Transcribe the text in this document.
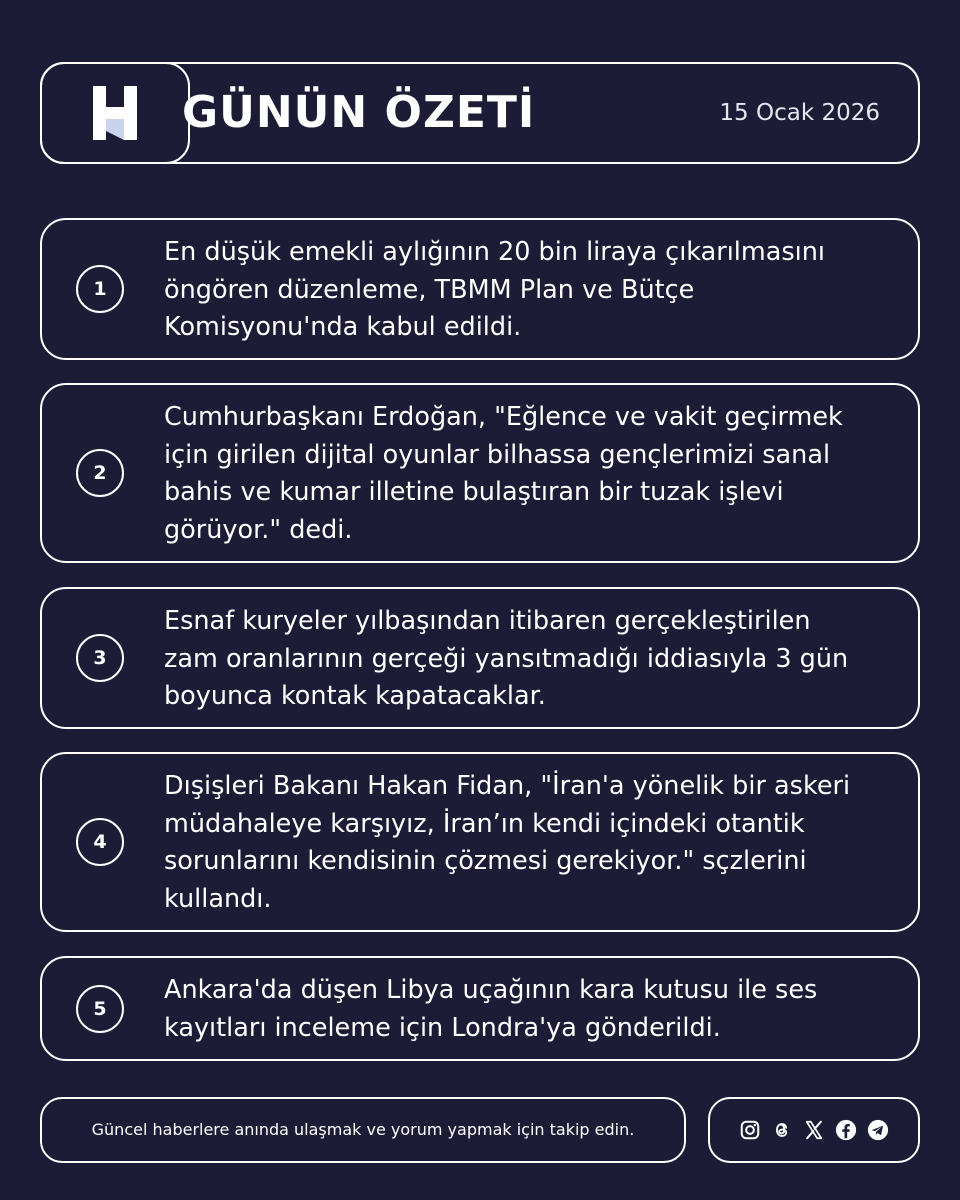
GÜNÜN ÖZETİ	15 Ocak 2026
1
En düşük emekli aylığının 20 bin liraya çıkarılmasını
öngören düzenleme, TBMM Plan ve Bütçe
Komisyonu'nda kabul edildi.
2
Cumhurbaşkanı Erdoğan, "Eğlence ve vakit geçirmek
için girilen dijital oyunlar bilhassa gençlerimizi sanal
bahis ve kumar illetine bulaştıran bir tuzak işlevi
görüyor." dedi.
3
Esnaf kuryeler yılbaşından itibaren gerçekleştirilen
zam oranlarının gerçeği yansıtmadığı iddiasıyla 3 gün
boyunca kontak kapatacaklar.
4
Dışişleri Bakanı Hakan Fidan, "İran'a yönelik bir askeri
müdahaleye karşıyız, İran’ın kendi içindeki otantik
sorunlarını kendisinin çözmesi gerekiyor." sçzlerini
kullandı.
5
Ankara'da düşen Libya uçağının kara kutusu ile ses
kayıtları inceleme için Londra'ya gönderildi.
Güncel haberlere anında ulaşmak ve yorum yapmak için takip edin.
